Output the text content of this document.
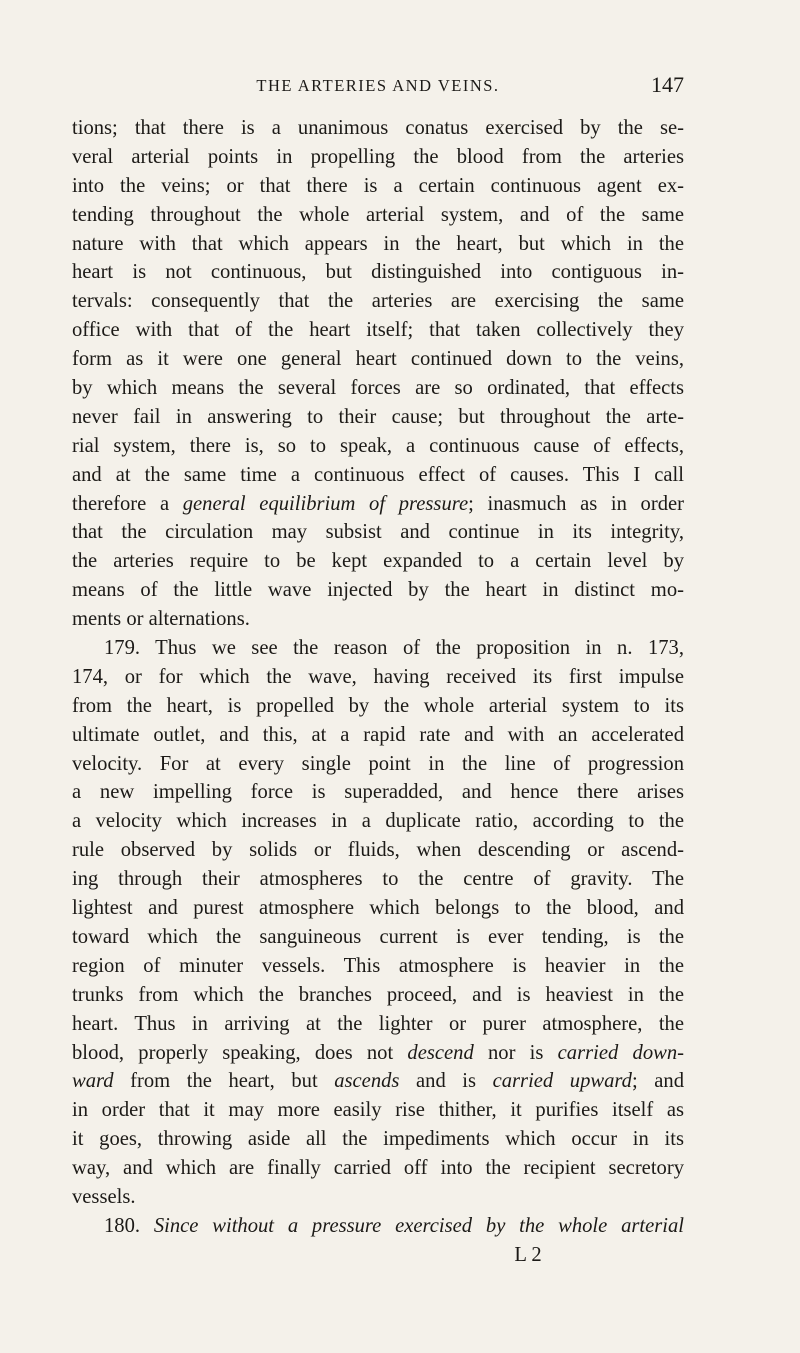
THE ARTERIES AND VEINS.	147
tions; that there is a unanimous conatus exercised by the se-
veral arterial points in propelling the blood from the arteries
into the veins; or that there is a certain continuous agent ex-
tending throughout the whole arterial system, and of the same
nature with that which appears in the heart, but which in the
heart is not continuous, but distinguished into contiguous in-
tervals: consequently that the arteries are exercising the same
office with that of the heart itself; that taken collectively they
form as it were one general heart continued down to the veins,
by which means the several forces are so ordinated, that effects
never fail in answering to their cause; but throughout the arte-
rial system, there is, so to speak, a continuous cause of effects,
and at the same time a continuous effect of causes. This I call
therefore a general equilibrium of pressure; inasmuch as in order
that the circulation may subsist and continue in its integrity,
the arteries require to be kept expanded to a certain level by
means of the little wave injected by the heart in distinct mo-
ments or alternations.
179. Thus we see the reason of the proposition in n. 173,
174, or for which the wave, having received its first impulse
from the heart, is propelled by the whole arterial system to its
ultimate outlet, and this, at a rapid rate and with an accelerated
velocity. For at every single point in the line of progression
a new impelling force is superadded, and hence there arises
a velocity which increases in a duplicate ratio, according to the
rule observed by solids or fluids, when descending or ascend-
ing through their atmospheres to the centre of gravity. The
lightest and purest atmosphere which belongs to the blood, and
toward which the sanguineous current is ever tending, is the
region of minuter vessels. This atmosphere is heavier in the
trunks from which the branches proceed, and is heaviest in the
heart. Thus in arriving at the lighter or purer atmosphere, the
blood, properly speaking, does not descend nor is carried down-
ward from the heart, but ascends and is carried upward; and
in order that it may more easily rise thither, it purifies itself as
it goes, throwing aside all the impediments which occur in its
way, and which are finally carried off into the recipient secretory
vessels.
180. Since without a pressure exercised by the whole arterial
L 2
